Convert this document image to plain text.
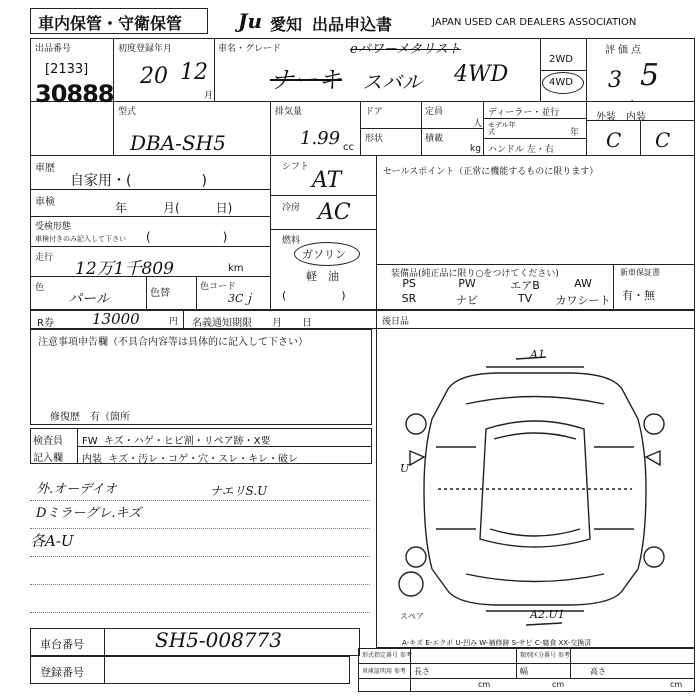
車内保管・守衛保管	Ju 愛知 出品申込書	JAPAN USED CAR DEALERS ASSOCIATION
出品番号
[2133]
30888
初度登録年月
20 12
月
車名・グレード	eパワーメタリスト
ナーキ スバル 4WD
2WD
4WD
評価点
3
.
5
型式
DBA-SH5
排気量
1.99 cc
ドア
形状
定員
人
積載
kg
ディーラー・並行
モデル年式	年
ハンドル 左・右
外装　内装
C C
車歴
自家用・(　　　　　)
車検	年　　　月(　　　日)
受検形態
車検付きのみ記入して下さい (　　　　　　)
走行
12万1千809	km
色
パール	色替
色コード
3Cｊ
シフト
AT
冷房 AC
燃料
ガソリン
軽　油
(　　　　　)
セールスポイント（正常に機能するものに限ります）
装備品(純正品に限り○をつけてください)	新車保証書
有・無
PS	PW	エアB	AW
SR	ナビ	TV	カワシート
R券	13000	円 名義通知期限　　月　　日	後日品
注意事項申告欄（不具合内容等は具体的に記入して下さい）
修復歴　有（箇所
検査員
記入欄
FW  キズ・ハゲ・ヒビ割・リペア跡・X要
内装  キズ・汚レ・コゲ・穴・スレ・キレ・破レ
外.オーデイオ
Dミラーグレ.キズ
各A-U
ナエリS.U
A1
A2.U1
U
スペア
A-キズ E-エクボ U-凹み W-補修跡 S-サビ C-腐食 XX-交換済
車台番号	SH5-008773
登録番号
形式指定番号 参考	類別区分番号 参考
車庫証明用 参考 長さ	幅	高さ
cm	cm	cm
